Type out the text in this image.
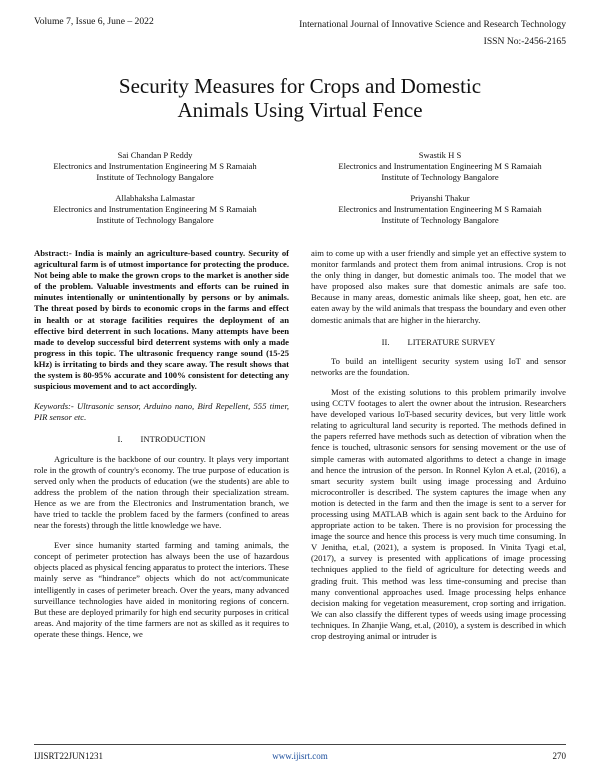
Volume 7, Issue 6, June – 2022	International Journal of Innovative Science and Research Technology
ISSN No:-2456-2165
Security Measures for Crops and Domestic
Animals Using Virtual Fence
Sai Chandan P Reddy
Electronics and Instrumentation Engineering M S Ramaiah
Institute of Technology Bangalore
Swastik H S
Electronics and Instrumentation Engineering M S Ramaiah
Institute of Technology Bangalore
Allabhaksha Lalmastar
Electronics and Instrumentation Engineering M S Ramaiah
Institute of Technology Bangalore
Priyanshi Thakur
Electronics and Instrumentation Engineering M S Ramaiah
Institute of Technology Bangalore

Abstract:- India is mainly an agriculture-based country. Security of agricultural farm is of utmost importance for protecting the produce. Not being able to make the grown crops to the market is another side of the problem. Valuable investments and efforts can be ruined in minutes intentionally or unintentionally by persons or by animals. The threat posed by birds to economic crops in the farms and effect in health or at storage facilities requires the deployment of an effective bird deterrent in such locations. Many attempts have been made to develop successful bird deterrent systems with only a made progress in this topic. The ultrasonic frequency range sound (15-25 kHz) is irritating to birds and they scare away. The result shows that the system is 80-95% accurate and 100% consistent for detecting any suspicious movement and to act accordingly.

Keywords:- Ultrasonic sensor, Arduino nano, Bird Repellent, 555 timer, PIR sensor etc.

I. INTRODUCTION

Agriculture is the backbone of our country. It plays very important role in the growth of country's economy. The true purpose of education is served only when the products of education (we the students) are able to address the problem of the nation through their specialization stream. Hence as we are from the Electronics and Instrumentation branch, we have tried to tackle the problem faced by the farmers (confined to areas near the forests) through the little knowledge we have.

Ever since humanity started farming and taming animals, the concept of perimeter protection has always been the use of hazardous objects placed as physical fencing apparatus to protect the interiors. These mainly serve as “hindrance” objects which do not act/communicate intelligently in cases of perimeter breach. Over the years, many advanced surveillance technologies have aided in monitoring regions of concern. But these are deployed primarily for high end security purposes in critical areas. And majority of the time farmers are not as skilled as it requires to operate these things. Hence, we

aim to come up with a user friendly and simple yet an effective system to monitor farmlands and protect them from animal intrusions. Crop is not the only thing in danger, but domestic animals too. The model that we have proposed also makes sure that domestic animals are safe too. Because in many areas, domestic animals like sheep, goat, hen etc. are eaten away by the wild animals that trespass the boundary and even other domestic animals that are higher in the hierarchy.

II. LITERATURE SURVEY

To build an intelligent security system using IoT and sensor networks are the foundation.

Most of the existing solutions to this problem primarily involve using CCTV footages to alert the owner about the intrusion. Researchers have developed various IoT-based security devices, but very little work relating to agricultural land security is reported. The methods defined in the papers referred have methods such as detection of vibration when the fence is touched, ultrasonic sensors for sensing movement or the use of simple cameras with automated algorithms to detect a change in image and hence the intrusion of the person. In Ronnel Kylon A et.al, (2016), a smart security system built using image processing and Arduino microcontroller is described. The system captures the image when any motion is detected in the farm and then the image is sent to a server for processing using MATLAB which is again sent back to the Arduino for appropriate action to be taken. There is no provision for processing the image the source and hence this process is very much time consuming. In V Jenitha, et.al, (2021), a system is proposed. In Vinita Tyagi et.al, (2017), a survey is presented with applications of image processing techniques applied to the field of agriculture for detecting weeds and grading fruit. This method was less time-consuming and precise than many conventional approaches used. Image processing helps enhance decision making for vegetation measurement, crop sorting and irrigation. We can also classify the different types of weeds using image processing techniques. In Zhanjie Wang, et.al, (2010), a system is described in which crop destroying animal or intruder is

IJISRT22JUN1231	www.ijisrt.com	270
